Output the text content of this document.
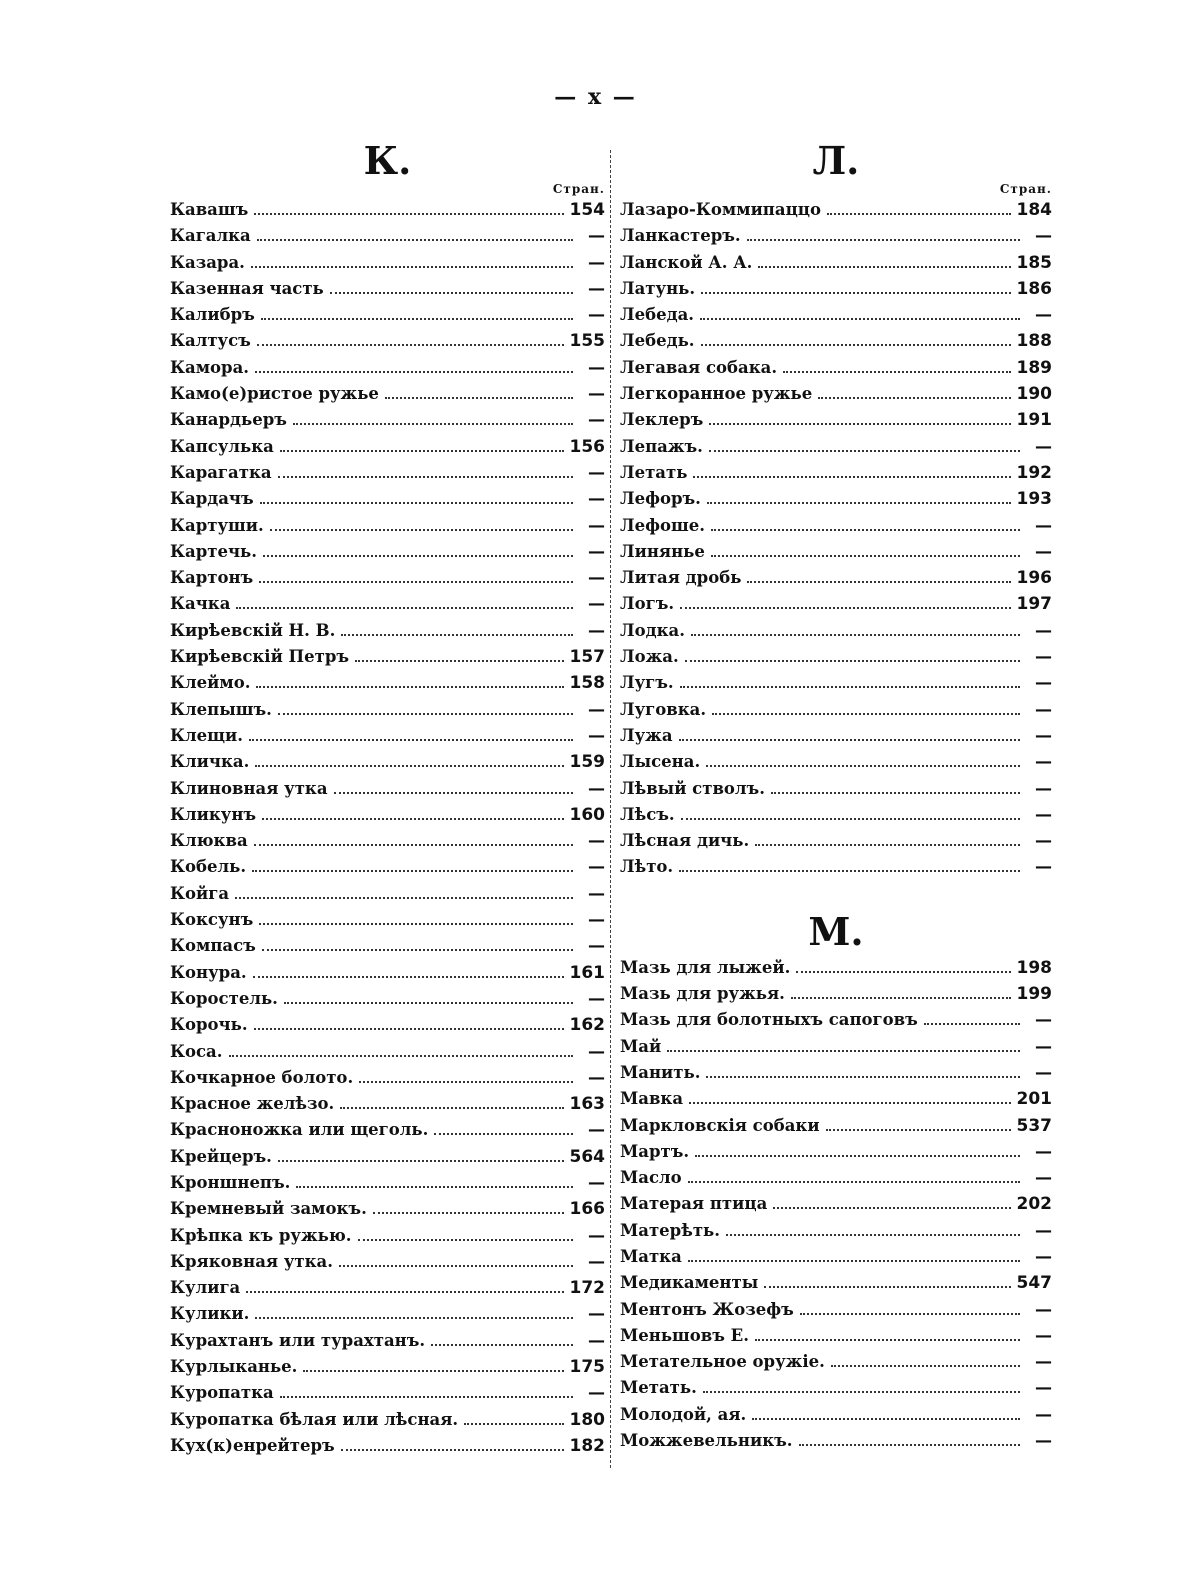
— x —
К.
Стран.
Кавашъ	154
Кагалка	—
Казара.	—
Казенная часть	—
Калибръ	—
Калтусъ	155
Камора.	—
Камо(е)ристое ружье	—
Канардьеръ	—
Капсулька	156
Карагатка	—
Кардачъ	—
Картуши.	—
Картечь.	—
Картонъ	—
Качка	—
Кирѣевскій Н. В.	—
Кирѣевскій Петръ	157
Клеймо.	158
Клепышъ.	—
Клещи.	—
Кличка.	159
Клиновная утка	—
Кликунъ	160
Клюква	—
Кобель.	—
Койга	—
Коксунъ	—
Компасъ	—
Конура.	161
Коростель.	—
Корочь.	162
Коса.	—
Кочкарное болото.	—
Красное желѣзо.	163
Красноножка или щеголь.	—
Крейцеръ.	564
Кроншнепъ.	—
Кремневый замокъ.	166
Крѣпка къ ружью.	—
Кряковная утка.	—
Кулига	172
Кулики.	—
Курахтанъ или турахтанъ.	—
Курлыканье.	175
Куропатка	—
Куропатка бѣлая или лѣсная.	180
Кух(к)енрейтеръ	182
Л.
Стран.
Лазаро-Коммипаццо	184
Ланкастеръ.	—
Ланской А. А.	185
Латунь.	186
Лебеда.	—
Лебедь.	188
Легавая собака.	189
Легкоранное ружье	190
Леклеръ	191
Лепажъ.	—
Летать	192
Лефоръ.	193
Лефоше.	—
Линянье	—
Литая дробь	196
Логъ.	197
Лодка.	—
Ложа.	—
Лугъ.	—
Луговка.	—
Лужа	—
Лысена.	—
Лѣвый стволъ.	—
Лѣсъ.	—
Лѣсная дичь.	—
Лѣто.	—
М.
Мазь для лыжей.	198
Мазь для ружья.	199
Мазь для болотныхъ сапоговъ	—
Май	—
Манить.	—
Мавка	201
Маркловскія собаки	537
Мартъ.	—
Масло	—
Матерая птица	202
Матерѣть.	—
Матка	—
Медикаменты	547
Ментонъ Жозефъ	—
Меньшовъ Е.	—
Метательное оружіе.	—
Метать.	—
Молодой, ая.	—
Можжевельникъ.	—
